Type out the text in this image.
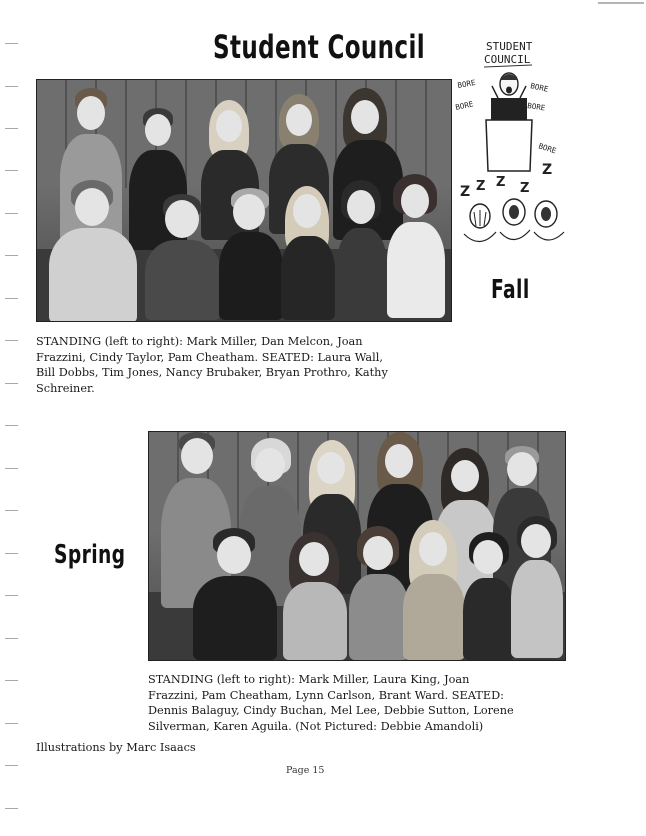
Student Council	STUDENT
COUNCIL
BORE
BORE
BORE
BORE
BORE
Z Z Z Z
Z
Fall
STANDING (left to right): Mark Miller, Dan Melcon, Joan
Frazzini, Cindy Taylor, Pam Cheatham. SEATED: Laura Wall,
Bill Dobbs, Tim Jones, Nancy Brubaker, Bryan Prothro, Kathy
Schreiner.
Spring
STANDING (left to right): Mark Miller, Laura King, Joan
Frazzini, Pam Cheatham, Lynn Carlson, Brant Ward. SEATED:
Dennis Balaguy, Cindy Buchan, Mel Lee, Debbie Sutton, Lorene
Silverman, Karen Aguila. (Not Pictured: Debbie Amandoli)
Illustrations by Marc Isaacs
Page 15
